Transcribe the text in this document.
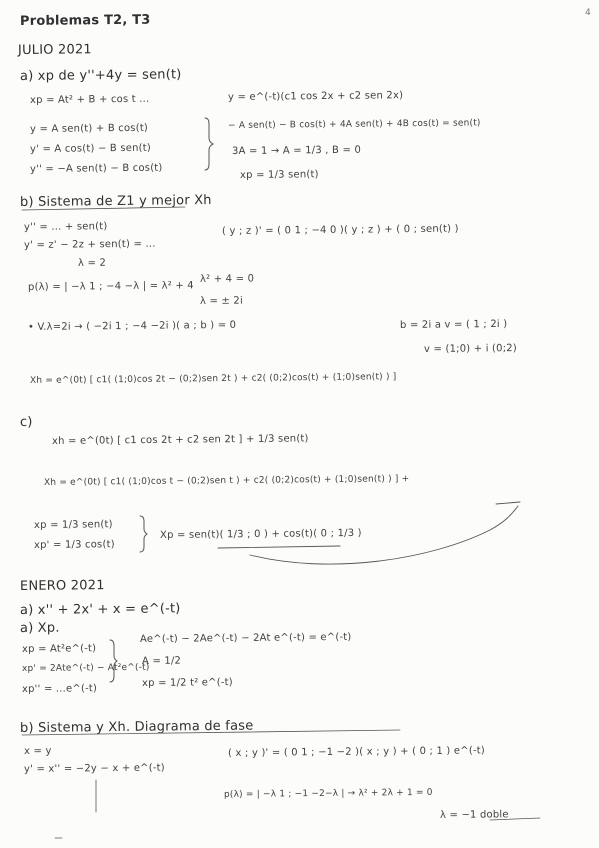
4
Problemas T2, T3
JULIO 2021
a) xp de y''+4y = sen(t)
xp = At² + B + cos t ...
y = A sen(t) + B cos(t)
y' = A cos(t) − B sen(t)
y'' = −A sen(t) − B cos(t)
y = e^(-t)(c1 cos 2x + c2 sen 2x)
− A sen(t) − B cos(t) + 4A sen(t) + 4B cos(t) = sen(t)
3A = 1 → A = 1/3 , B = 0
xp = 1/3 sen(t)
b) Sistema de Z1 y mejor Xh
y'' = ... + sen(t)
y' = z' − 2z + sen(t) = ...
λ = 2
p(λ) = | −λ 1 ; −4 −λ | = λ² + 4
λ = ± 2i
• V.λ=2i → ( −2i 1 ; −4 −2i )( a ; b ) = 0
Xh = e^(0t) [ c1( (1;0)cos 2t − (0;2)sen 2t ) + c2( (0;2)cos(t) + (1;0)sen(t) ) ]
( y ; z )' = ( 0 1 ; −4 0 )( y ; z ) + ( 0 ; sen(t) )
λ² + 4 = 0
b = 2i a v = ( 1 ; 2i )
v = (1;0) + i (0;2)
c)
xh = e^(0t) [ c1 cos 2t + c2 sen 2t ] + 1/3 sen(t)
Xh = e^(0t) [ c1( (1;0)cos t − (0;2)sen t ) + c2( (0;2)cos(t) + (1;0)sen(t) ) ] +
xp = 1/3 sen(t)
xp' = 1/3 cos(t)
Xp = sen(t)( 1/3 ; 0 ) + cos(t)( 0 ; 1/3 )
ENERO 2021
a) x'' + 2x' + x = e^(-t)
a) Xp.
xp = At²e^(-t)
xp' = 2Ate^(-t) − At²e^(-t)
xp'' = ...e^(-t)
Ae^(-t) − 2Ae^(-t) − 2At e^(-t) = e^(-t)
A = 1/2
xp = 1/2 t² e^(-t)
b) Sistema y Xh. Diagrama de fase
x = y
y' = x'' = −2y − x + e^(-t)
( x ; y )' = ( 0 1 ; −1 −2 )( x ; y ) + ( 0 ; 1 ) e^(-t)
p(λ) = | −λ 1 ; −1 −2−λ | → λ² + 2λ + 1 = 0
λ = −1 doble
